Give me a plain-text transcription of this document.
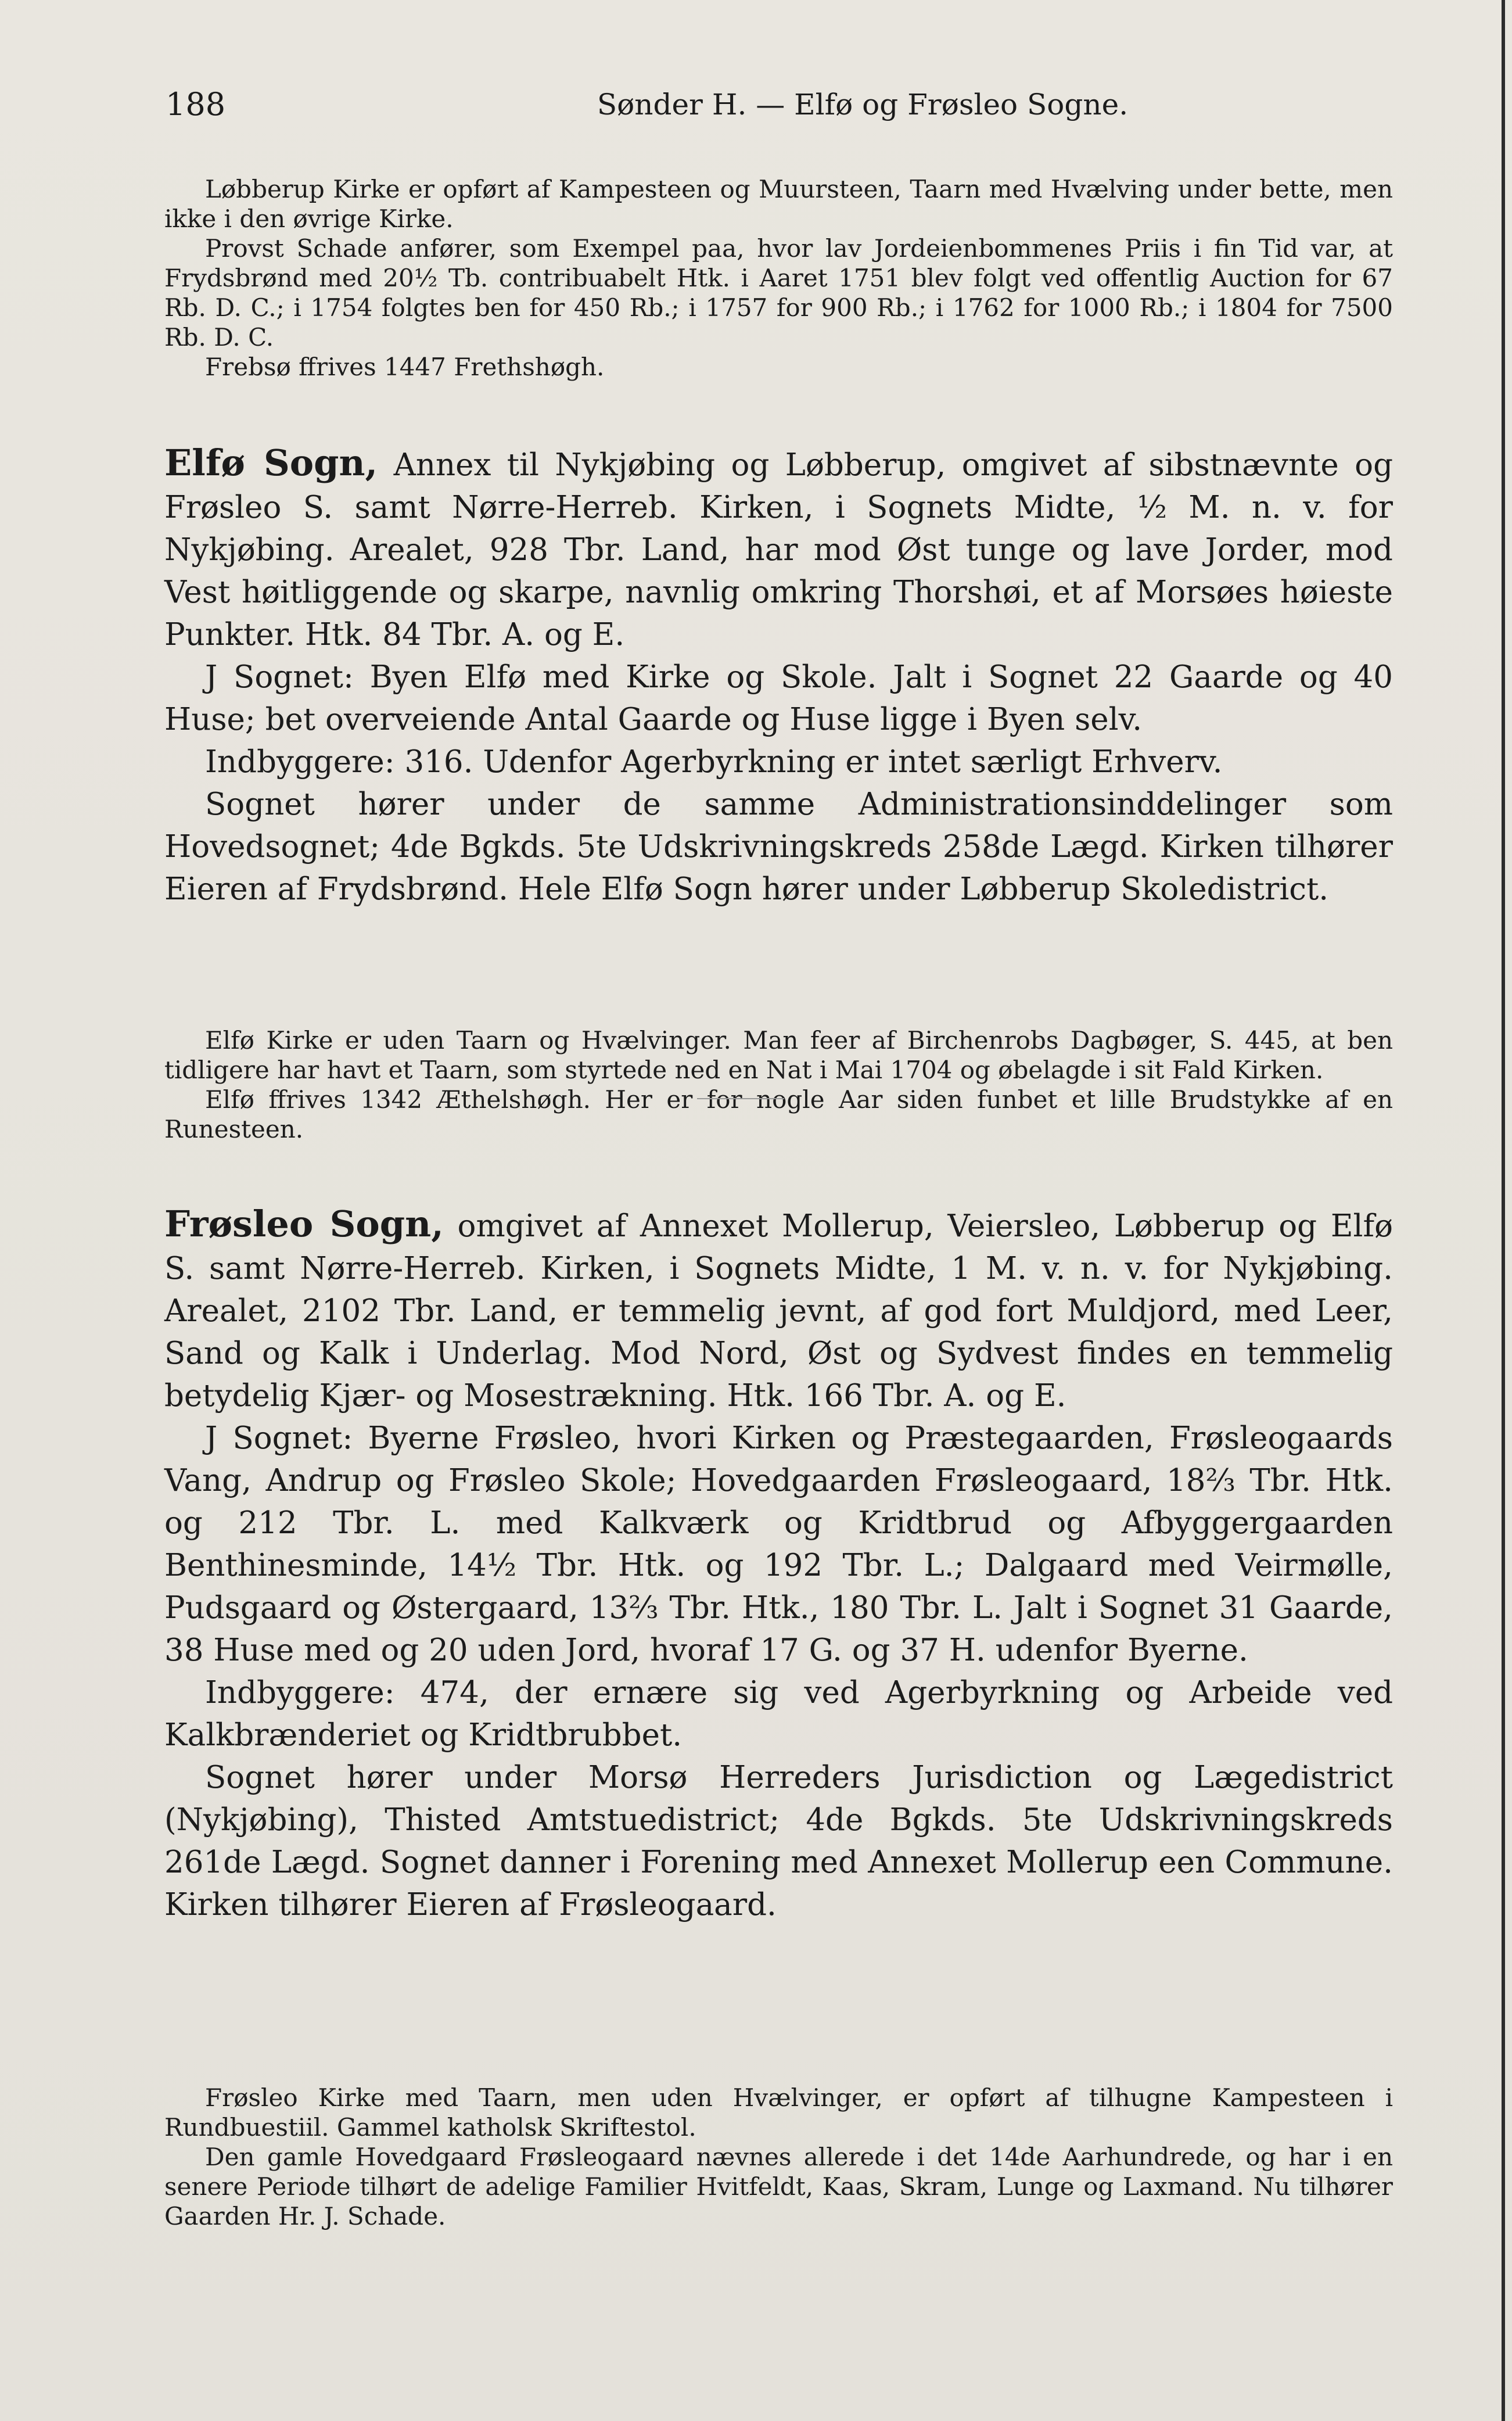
188	Sønder H. — Elfø og Frøsleo Sogne.

Løbberup Kirke er opført af Kampesteen og Muursteen, Taarn med Hvælving under bette, men ikke i den øvrige Kirke.

Provst Schade anfører, som Exempel paa, hvor lav Jordeienbommenes Priis i fin Tid var, at Frydsbrønd med 20½ Tb. contribuabelt Htk. i Aaret 1751 blev folgt ved offentlig Auction for 67 Rb. D. C.; i 1754 folgtes ben for 450 Rb.; i 1757 for 900 Rb.; i 1762 for 1000 Rb.; i 1804 for 7500 Rb. D. C.

Frebsø ffrives 1447 Frethshøgh.

Elfø Sogn, Annex til Nykjøbing og Løbberup, omgivet af sibstnævnte og Frøsleo S. samt Nørre-Herreb. Kirken, i Sognets Midte, ½ M. n. v. for Nykjøbing. Arealet, 928 Tbr. Land, har mod Øst tunge og lave Jorder, mod Vest høitliggende og skarpe, navnlig omkring Thorshøi, et af Morsøes høieste Punkter. Htk. 84 Tbr. A. og E.

J Sognet: Byen Elfø med Kirke og Skole. Jalt i Sognet 22 Gaarde og 40 Huse; bet overveiende Antal Gaarde og Huse ligge i Byen selv.

Indbyggere: 316. Udenfor Agerbyrkning er intet særligt Erhverv.

Sognet hører under de samme Administrationsinddelinger som Hovedsognet; 4de Bgkds. 5te Udskrivningskreds 258de Lægd. Kirken tilhører Eieren af Frydsbrønd. Hele Elfø Sogn hører under Løbberup Skoledistrict.

Elfø Kirke er uden Taarn og Hvælvinger. Man feer af Birchenrobs Dagbøger, S. 445, at ben tidligere har havt et Taarn, som styrtede ned en Nat i Mai 1704 og øbelagde i sit Fald Kirken.

Elfø ffrives 1342 Æthelshøgh. Her er for nogle Aar siden funbet et lille Brudstykke af en Runesteen.

Frøsleo Sogn, omgivet af Annexet Mollerup, Veiersleo, Løbberup og Elfø S. samt Nørre-Herreb. Kirken, i Sognets Midte, 1 M. v. n. v. for Nykjøbing. Arealet, 2102 Tbr. Land, er temmelig jevnt, af god fort Muldjord, med Leer, Sand og Kalk i Underlag. Mod Nord, Øst og Sydvest findes en temmelig betydelig Kjær- og Mosestrækning. Htk. 166 Tbr. A. og E.

J Sognet: Byerne Frøsleo, hvori Kirken og Præstegaarden, Frøsleogaards Vang, Andrup og Frøsleo Skole; Hovedgaarden Frøsleogaard, 18⅔ Tbr. Htk. og 212 Tbr. L. med Kalkværk og Kridtbrud og Afbyggergaarden Benthinesminde, 14½ Tbr. Htk. og 192 Tbr. L.; Dalgaard med Veirmølle, Pudsgaard og Østergaard, 13⅔ Tbr. Htk., 180 Tbr. L. Jalt i Sognet 31 Gaarde, 38 Huse med og 20 uden Jord, hvoraf 17 G. og 37 H. udenfor Byerne.

Indbyggere: 474, der ernære sig ved Agerbyrkning og Arbeide ved Kalkbrænderiet og Kridtbrubbet.

Sognet hører under Morsø Herreders Jurisdiction og Lægedistrict (Nykjøbing), Thisted Amtstuedistrict; 4de Bgkds. 5te Udskrivningskreds 261de Lægd. Sognet danner i Forening med Annexet Mollerup een Commune. Kirken tilhører Eieren af Frøsleogaard.

Frøsleo Kirke med Taarn, men uden Hvælvinger, er opført af tilhugne Kampesteen i Rundbuestiil. Gammel katholsk Skriftestol.

Den gamle Hovedgaard Frøsleogaard nævnes allerede i det 14de Aarhundrede, og har i en senere Periode tilhørt de adelige Familier Hvitfeldt, Kaas, Skram, Lunge og Laxmand. Nu tilhører Gaarden Hr. J. Schade.
